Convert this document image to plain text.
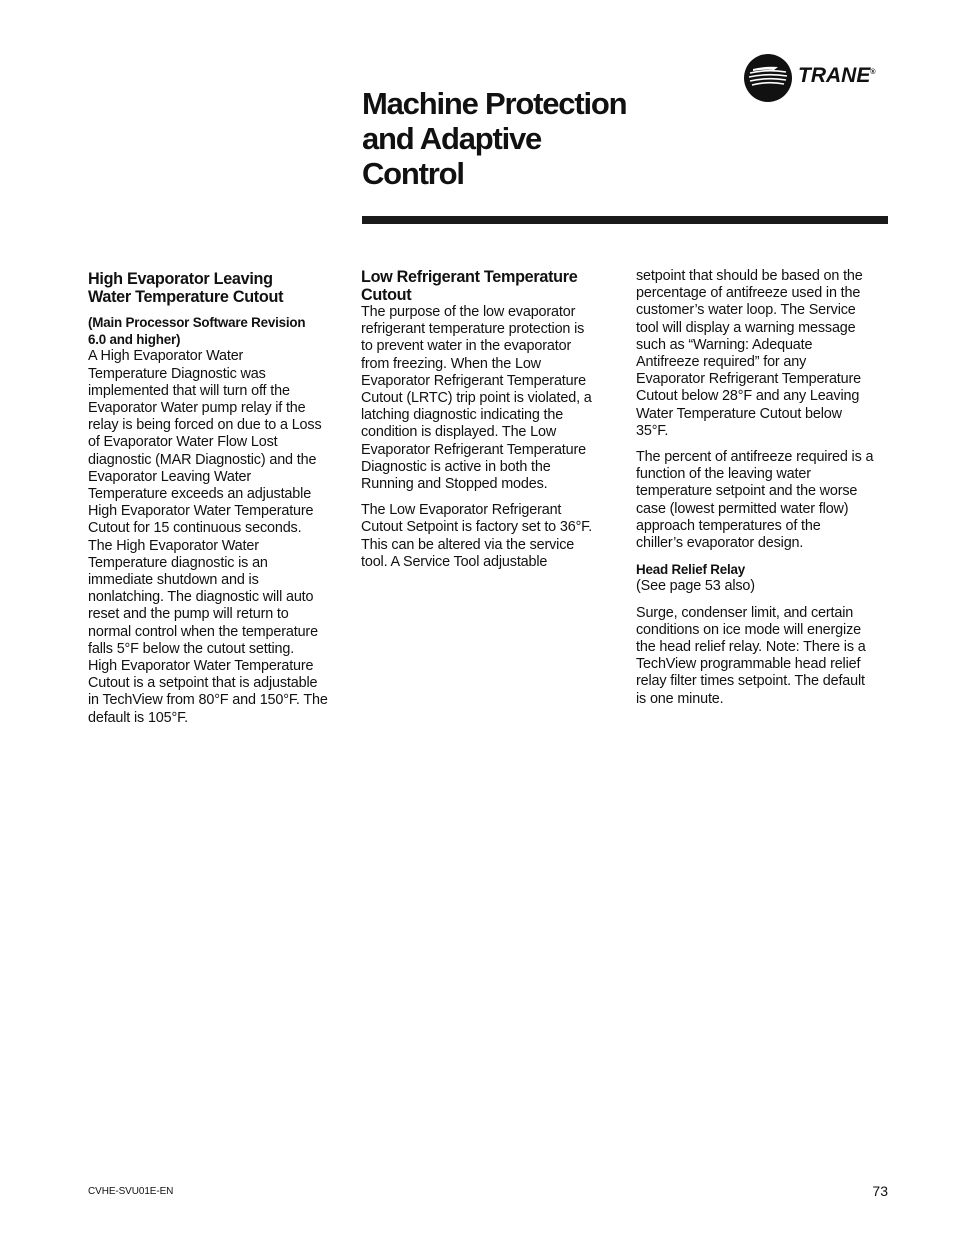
TRANE®
Machine Protection
and Adaptive
Control
High Evaporator Leaving
Water Temperature Cutout
(Main Processor Software Revision
6.0 and higher)

A High Evaporator Water
Temperature Diagnostic was
implemented that will turn off the
Evaporator Water pump relay if the
relay is being forced on due to a Loss
of Evaporator Water Flow Lost
diagnostic (MAR Diagnostic) and the
Evaporator Leaving Water
Temperature exceeds an adjustable
High Evaporator Water Temperature
Cutout for 15 continuous seconds.
The High Evaporator Water
Temperature diagnostic is an
immediate shutdown and is
nonlatching. The diagnostic will auto
reset and the pump will return to
normal control when the temperature
falls 5°F below the cutout setting.
High Evaporator Water Temperature
Cutout is a setpoint that is adjustable
in TechView from 80°F and 150°F. The
default is 105°F.

Low Refrigerant Temperature
Cutout

The purpose of the low evaporator
refrigerant temperature protection is
to prevent water in the evaporator
from freezing. When the Low
Evaporator Refrigerant Temperature
Cutout (LRTC) trip point is violated, a
latching diagnostic indicating the
condition is displayed. The Low
Evaporator Refrigerant Temperature
Diagnostic is active in both the
Running and Stopped modes.

The Low Evaporator Refrigerant
Cutout Setpoint is factory set to 36°F.
This can be altered via the service
tool. A Service Tool adjustable

setpoint that should be based on the
percentage of antifreeze used in the
customer’s water loop. The Service
tool will display a warning message
such as “Warning: Adequate
Antifreeze required” for any
Evaporator Refrigerant Temperature
Cutout below 28°F and any Leaving
Water Temperature Cutout below
35°F.

The percent of antifreeze required is a
function of the leaving water
temperature setpoint and the worse
case (lowest permitted water flow)
approach temperatures of the
chiller’s evaporator design.

Head Relief Relay

(See page 53 also)

Surge, condenser limit, and certain
conditions on ice mode will energize
the head relief relay. Note: There is a
TechView programmable head relief
relay filter times setpoint. The default
is one minute.

CVHE-SVU01E-EN	73
